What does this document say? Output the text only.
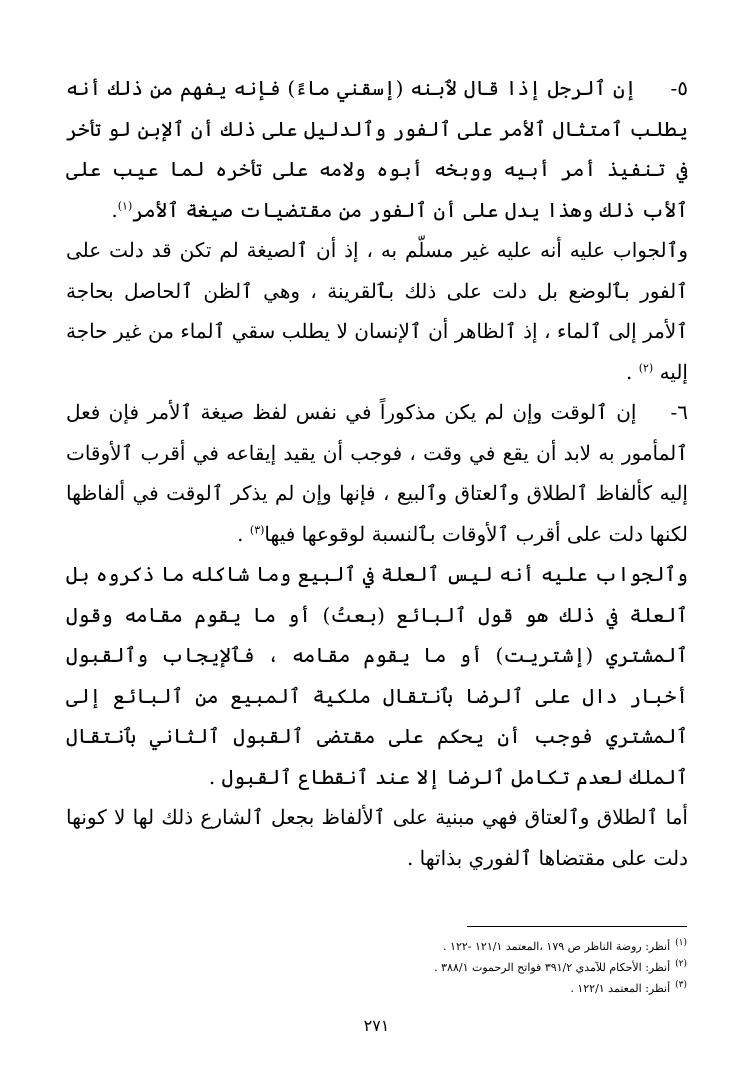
٥-إن ٱلرجل إذا قال لٱبنه (إسقني ماءً) فإنه يفهم من ذلك أنه يطلب ٱمتثال ٱلأمر على ٱلفور وٱلدليل على ذلك أن ٱلإبن لو تأخر في تنفيذ أمر أبيه ووبخه أبوه ولامه على تأخره لما عيب على ٱلأب ذلك وهذا يدل على أن ٱلفور من مقتضيات صيغة ٱلأمر$^{(١)}$.

وٱلجواب عليه أنه عليه غير مسلّم به ، إذ أن ٱلصيغة لم تكن قد دلت على ٱلفور بٱلوضع بل دلت على ذلك بٱلقرينة ، وهي ٱلظن ٱلحاصل بحاجة ٱلأمر إلى ٱلماء ، إذ ٱلظاهر أن ٱلإنسان لا يطلب سقي ٱلماء من غير حاجة إليه $^{(٢)}$ .

٦-إن ٱلوقت وإن لم يكن مذكوراً في نفس لفظ صيغة ٱلأمر فإن فعل ٱلمأمور به لابد أن يقع في وقت ، فوجب أن يقيد إيقاعه في أقرب ٱلأوقات إليه كألفاظ ٱلطلاق وٱلعتاق وٱلبيع ، فإنها وإن لم يذكر ٱلوقت في ألفاظها لكنها دلت على أقرب ٱلأوقات بٱلنسبة لوقوعها فيها$^{(٣)}$ .

وٱلجواب عليه أنه ليس ٱلعلة في ٱلبيع وما شاكله ما ذكروه بل ٱلعلة في ذلك هو قول ٱلبائع (بعتُ) أو ما يقوم مقامه وقول ٱلمشتري (إشتريت) أو ما يقوم مقامه ، فٱلإيجاب وٱلقبول أخبار دال على ٱلرضا بٱنتقال ملكية ٱلمبيع من ٱلبائع إلى ٱلمشتري فوجب أن يحكم على مقتضى ٱلقبول ٱلثاني بٱنتقال ٱلملك لعدم تكامل ٱلرضا إلا عند ٱنقطاع ٱلقبول .

أما ٱلطلاق وٱلعتاق فهي مبنية على ٱلألفاظ بجعل ٱلشارع ذلك لها لا كونها دلت على مقتضاها ٱلفوري بذاتها .

$^{(١)}$أنظر: روضة الناظر ص ١٧٩ ،المعتمد ١٢١/١ -١٢٢ .
$^{(٢)}$أنظر: الأحكام للآمدي ٣٩١/٢ فواتح الرحموت ٣٨٨/١ .
$^{(٣)}$أنظر: المعتمد ١٢٢/١ .
٢٧١
